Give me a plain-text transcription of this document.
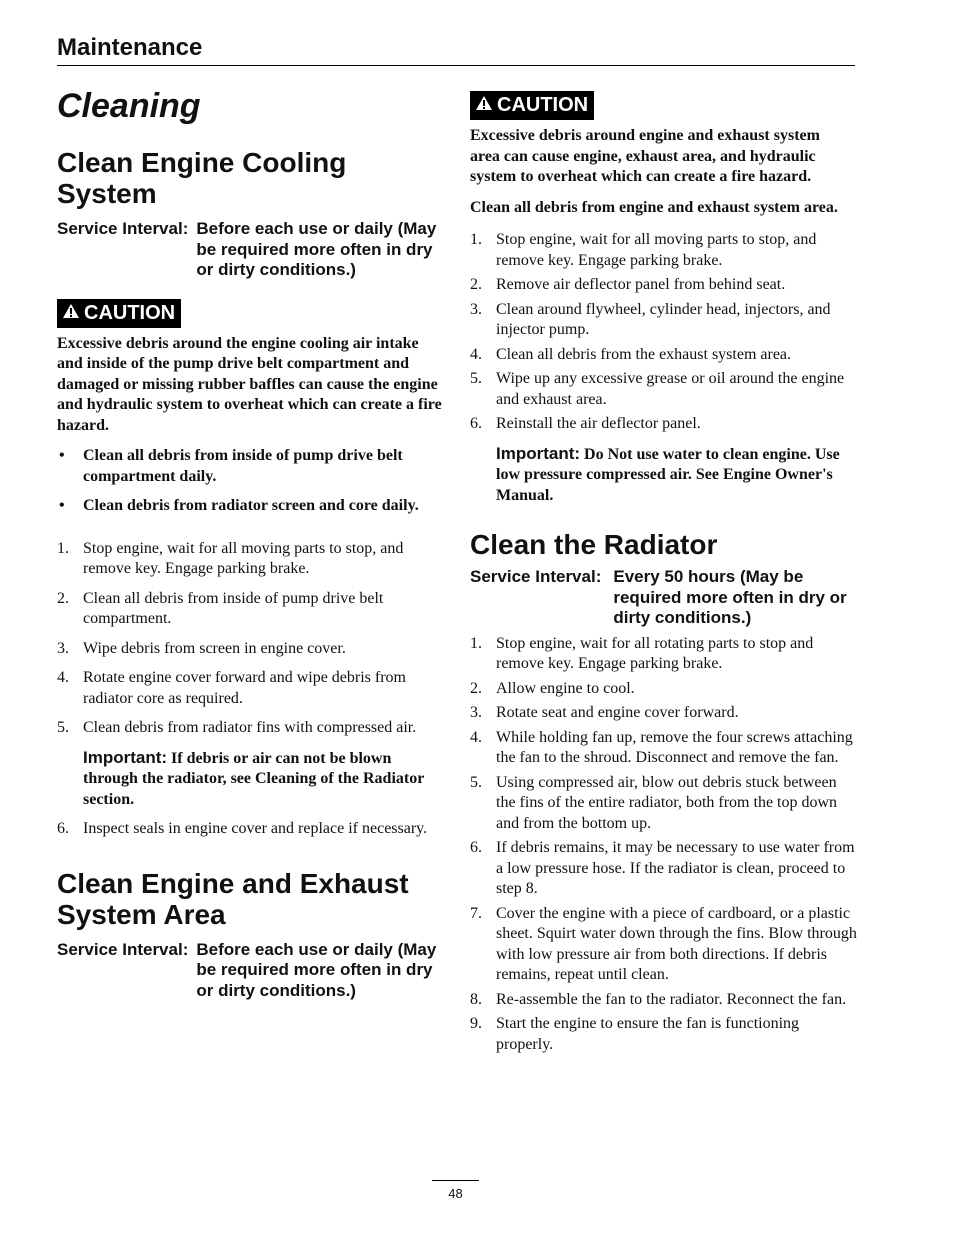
Maintenance
Cleaning
Clean Engine Cooling System
Service Interval: Before each use or daily (May be required more often in dry or dirty conditions.)
CAUTION
Excessive debris around the engine cooling air intake and inside of the pump drive belt compartment and damaged or missing rubber baffles can cause the engine and hydraulic system to overheat which can create a fire hazard.
• Clean all debris from inside of pump drive belt compartment daily.
• Clean debris from radiator screen and core daily.
1. Stop engine, wait for all moving parts to stop, and remove key. Engage parking brake.
2. Clean all debris from inside of pump drive belt compartment.
3. Wipe debris from screen in engine cover.
4. Rotate engine cover forward and wipe debris from radiator core as required.
5. Clean debris from radiator fins with compressed air.
Important: If debris or air can not be blown through the radiator, see Cleaning of the Radiator section.
6. Inspect seals in engine cover and replace if necessary.
Clean Engine and Exhaust System Area
Service Interval: Before each use or daily (May be required more often in dry or dirty conditions.)
CAUTION
Excessive debris around engine and exhaust system area can cause engine, exhaust area, and hydraulic system to overheat which can create a fire hazard.
Clean all debris from engine and exhaust system area.
1. Stop engine, wait for all moving parts to stop, and remove key. Engage parking brake.
2. Remove air deflector panel from behind seat.
3. Clean around flywheel, cylinder head, injectors, and injector pump.
4. Clean all debris from the exhaust system area.
5. Wipe up any excessive grease or oil around the engine and exhaust area.
6. Reinstall the air deflector panel.
Important: Do Not use water to clean engine. Use low pressure compressed air. See Engine Owner's Manual.
Clean the Radiator
Service Interval: Every 50 hours (May be required more often in dry or dirty conditions.)
1. Stop engine, wait for all rotating parts to stop and remove key. Engage parking brake.
2. Allow engine to cool.
3. Rotate seat and engine cover forward.
4. While holding fan up, remove the four screws attaching the fan to the shroud. Disconnect and remove the fan.
5. Using compressed air, blow out debris stuck between the fins of the entire radiator, both from the top down and from the bottom up.
6. If debris remains, it may be necessary to use water from a low pressure hose. If the radiator is clean, proceed to step 8.
7. Cover the engine with a piece of cardboard, or a plastic sheet. Squirt water down through the fins. Blow through with low pressure air from both directions. If debris remains, repeat until clean.
8. Re-assemble the fan to the radiator. Reconnect the fan.
9. Start the engine to ensure the fan is functioning properly.
48
